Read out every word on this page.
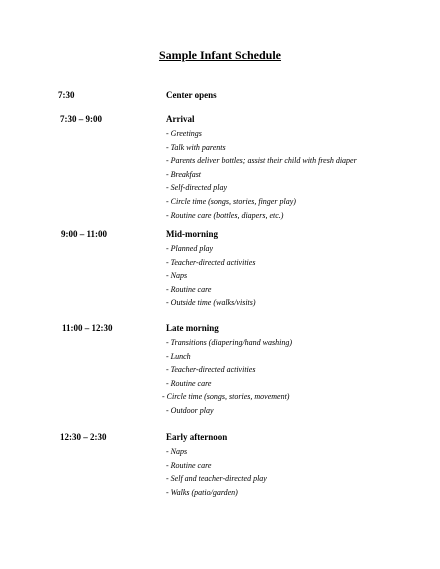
Sample Infant Schedule
7:30	Center opens
7:30 – 9:00	Arrival
- Greetings
- Talk with parents
- Parents deliver bottles; assist their child with fresh diaper
- Breakfast
- Self-directed play
- Circle time (songs, stories, finger play)
- Routine care (bottles, diapers, etc.)
9:00 – 11:00	Mid-morning
- Planned play
- Teacher-directed activities
- Naps
- Routine care
- Outside time (walks/visits)
11:00 – 12:30	Late morning
- Transitions (diapering/hand washing)
- Lunch
- Teacher-directed activities
- Routine care
- Circle time (songs, stories, movement)
- Outdoor play
12:30 – 2:30	Early afternoon
- Naps
- Routine care
- Self and teacher-directed play
- Walks (patio/garden)
